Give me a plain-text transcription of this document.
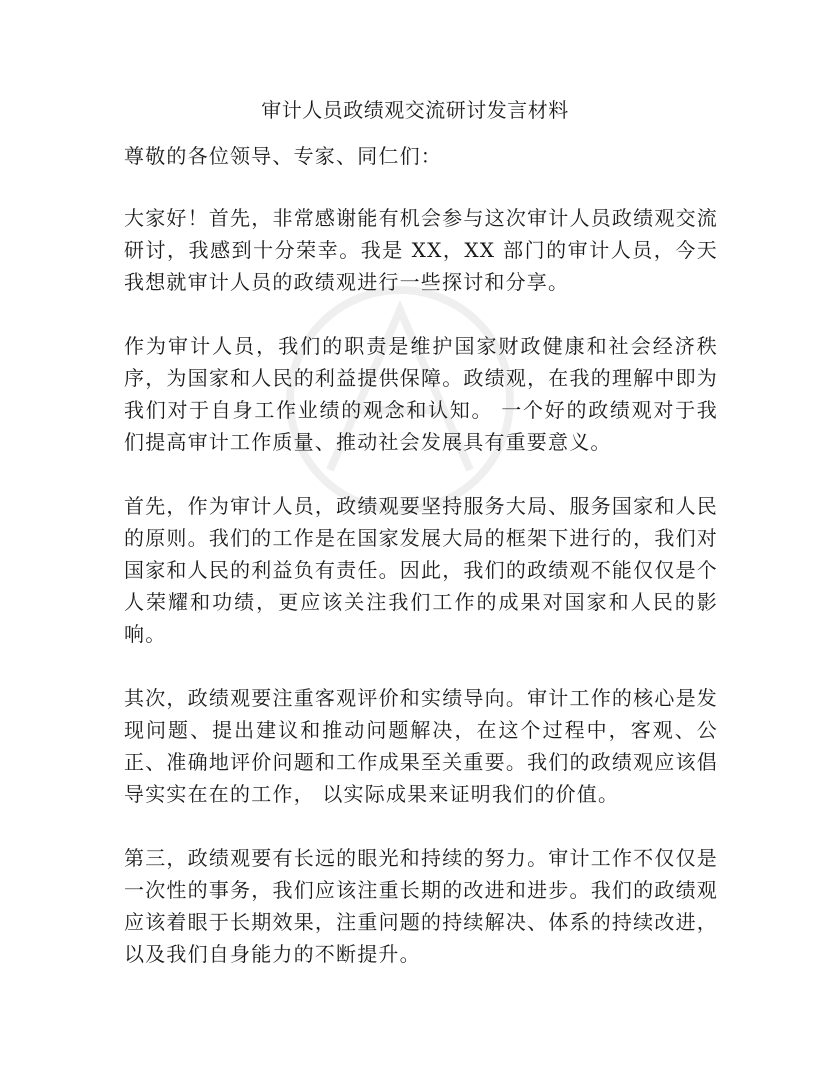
审计人员政绩观交流研讨发言材料

尊敬的各位领导、专家、同仁们：

大家好！首先，非常感谢能有机会参与这次审计人员政绩观交流研讨，我感到十分荣幸。我是 XX，XX 部门的审计人员，今天我想就审计人员的政绩观进行一些探讨和分享。

作为审计人员，我们的职责是维护国家财政健康和社会经济秩序，为国家和人民的利益提供保障。政绩观，在我的理解中即为我们对于自身工作业绩的观念和认知。 一个好的政绩观对于我们提高审计工作质量、推动社会发展具有重要意义。

首先，作为审计人员，政绩观要坚持服务大局、服务国家和人民的原则。我们的工作是在国家发展大局的框架下进行的，我们对国家和人民的利益负有责任。因此，我们的政绩观不能仅仅是个人荣耀和功绩，更应该关注我们工作的成果对国家和人民的影响。

其次，政绩观要注重客观评价和实绩导向。审计工作的核心是发现问题、提出建议和推动问题解决，在这个过程中，客观、公正、准确地评价问题和工作成果至关重要。我们的政绩观应该倡导实实在在的工作， 以实际成果来证明我们的价值。

第三，政绩观要有长远的眼光和持续的努力。审计工作不仅仅是一次性的事务，我们应该注重长期的改进和进步。我们的政绩观应该着眼于长期效果，注重问题的持续解决、体系的持续改进，以及我们自身能力的不断提升。
